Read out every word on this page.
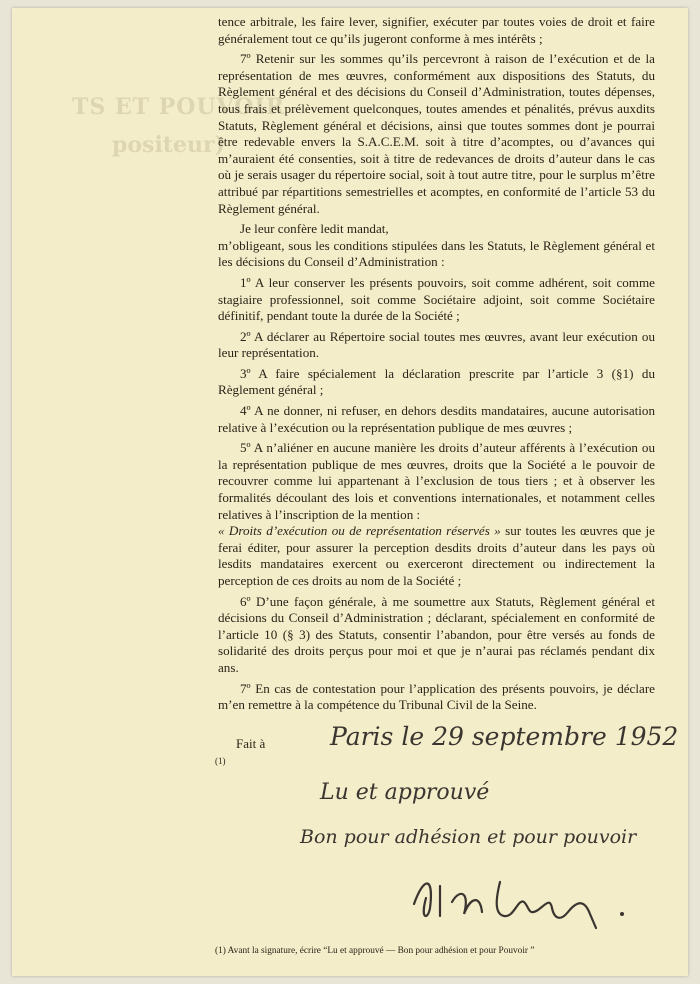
TS ET POUVOIR
positeur)

tence arbitrale, les faire lever, signifier, exécuter par toutes voies de droit et faire généralement tout ce qu’ils jugeront conforme à mes intérêts ;

7º Retenir sur les sommes qu’ils percevront à raison de l’exécution et de la représentation de mes œuvres, conformément aux dispositions des Statuts, du Règlement général et des décisions du Conseil d’Administration, toutes dépenses, tous frais et prélèvement quelconques, toutes amendes et pénalités, prévus auxdits Statuts, Règlement général et décisions, ainsi que toutes sommes dont je pourrai être redevable envers la S.A.C.E.M. soit à titre d’acomptes, ou d’avances qui m’auraient été consenties, soit à titre de redevances de droits d’auteur dans le cas où je serais usager du répertoire social, soit à tout autre titre, pour le surplus m’être attribué par répartitions semestrielles et acomptes, en conformité de l’article 53 du Règlement général.

Je leur confère ledit mandat,

m’obligeant, sous les conditions stipulées dans les Statuts, le Règlement général et les décisions du Conseil d’Administration :

1º A leur conserver les présents pouvoirs, soit comme adhérent, soit comme stagiaire professionnel, soit comme Sociétaire adjoint, soit comme Sociétaire définitif, pendant toute la durée de la Société ;

2º A déclarer au Répertoire social toutes mes œuvres, avant leur exécution ou leur représentation.

3º A faire spécialement la déclaration prescrite par l’article 3 (§1) du Règlement général ;

4º A ne donner, ni refuser, en dehors desdits mandataires, aucune autorisation relative à l’exécution ou la représentation publique de mes œuvres ;

5º A n’aliéner en aucune manière les droits d’auteur afférents à l’exécution ou la représentation publique de mes œuvres, droits que la Société a le pouvoir de recouvrer comme lui appartenant à l’exclusion de tous tiers ; et à observer les formalités découlant des lois et conventions internationales, et notamment celles relatives à l’inscription de la mention :

« Droits d’exécution ou de représentation réservés » sur toutes les œuvres que je ferai éditer, pour assurer la perception desdits droits d’auteur dans les pays où lesdits mandataires exercent ou exerceront directement ou indirectement la perception de ces droits au nom de la Société ;

6º D’une façon générale, à me soumettre aux Statuts, Règlement général et décisions du Conseil d’Administration ; déclarant, spécialement en conformité de l’article 10 (§ 3) des Statuts, consentir l’abandon, pour être versés au fonds de solidarité des droits perçus pour moi et que je n’aurai pas réclamés pendant dix ans.

7º En cas de contestation pour l’application des présents pouvoirs, je déclare m’en remettre à la compétence du Tribunal Civil de la Seine.

Fait à
(1)
Paris le 29 septembre 1952
Lu et approuvé
Bon pour adhésion et pour pouvoir
(1) Avant la signature, écrire “Lu et approuvé — Bon pour adhésion et pour Pouvoir ”
